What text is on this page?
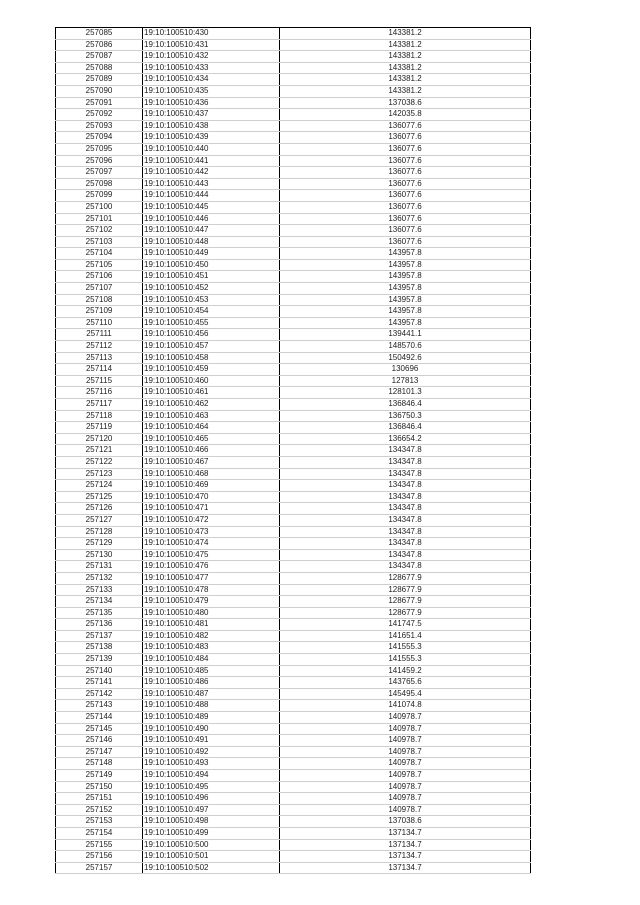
257085	19:10:100510:430	143381.2
257086	19:10:100510:431	143381.2
257087	19:10:100510:432	143381.2
257088	19:10:100510:433	143381.2
257089	19:10:100510:434	143381.2
257090	19:10:100510:435	143381.2
257091	19:10:100510:436	137038.6
257092	19:10:100510:437	142035.8
257093	19:10:100510:438	136077.6
257094	19:10:100510:439	136077.6
257095	19:10:100510:440	136077.6
257096	19:10:100510:441	136077.6
257097	19:10:100510:442	136077.6
257098	19:10:100510:443	136077.6
257099	19:10:100510:444	136077.6
257100	19:10:100510:445	136077.6
257101	19:10:100510:446	136077.6
257102	19:10:100510:447	136077.6
257103	19:10:100510:448	136077.6
257104	19:10:100510:449	143957.8
257105	19:10:100510:450	143957.8
257106	19:10:100510:451	143957.8
257107	19:10:100510:452	143957.8
257108	19:10:100510:453	143957.8
257109	19:10:100510:454	143957.8
257110	19:10:100510:455	143957.8
257111	19:10:100510:456	139441.1
257112	19:10:100510:457	148570.6
257113	19:10:100510:458	150492.6
257114	19:10:100510:459	130696
257115	19:10:100510:460	127813
257116	19:10:100510:461	128101.3
257117	19:10:100510:462	136846.4
257118	19:10:100510:463	136750.3
257119	19:10:100510:464	136846.4
257120	19:10:100510:465	136654.2
257121	19:10:100510:466	134347.8
257122	19:10:100510:467	134347.8
257123	19:10:100510:468	134347.8
257124	19:10:100510:469	134347.8
257125	19:10:100510:470	134347.8
257126	19:10:100510:471	134347.8
257127	19:10:100510:472	134347.8
257128	19:10:100510:473	134347.8
257129	19:10:100510:474	134347.8
257130	19:10:100510:475	134347.8
257131	19:10:100510:476	134347.8
257132	19:10:100510:477	128677.9
257133	19:10:100510:478	128677.9
257134	19:10:100510:479	128677.9
257135	19:10:100510:480	128677.9
257136	19:10:100510:481	141747.5
257137	19:10:100510:482	141651.4
257138	19:10:100510:483	141555.3
257139	19:10:100510:484	141555.3
257140	19:10:100510:485	141459.2
257141	19:10:100510:486	143765.6
257142	19:10:100510:487	145495.4
257143	19:10:100510:488	141074.8
257144	19:10:100510:489	140978.7
257145	19:10:100510:490	140978.7
257146	19:10:100510:491	140978.7
257147	19:10:100510:492	140978.7
257148	19:10:100510:493	140978.7
257149	19:10:100510:494	140978.7
257150	19:10:100510:495	140978.7
257151	19:10:100510:496	140978.7
257152	19:10:100510:497	140978.7
257153	19:10:100510:498	137038.6
257154	19:10:100510:499	137134.7
257155	19:10:100510:500	137134.7
257156	19:10:100510:501	137134.7
257157	19:10:100510:502	137134.7
